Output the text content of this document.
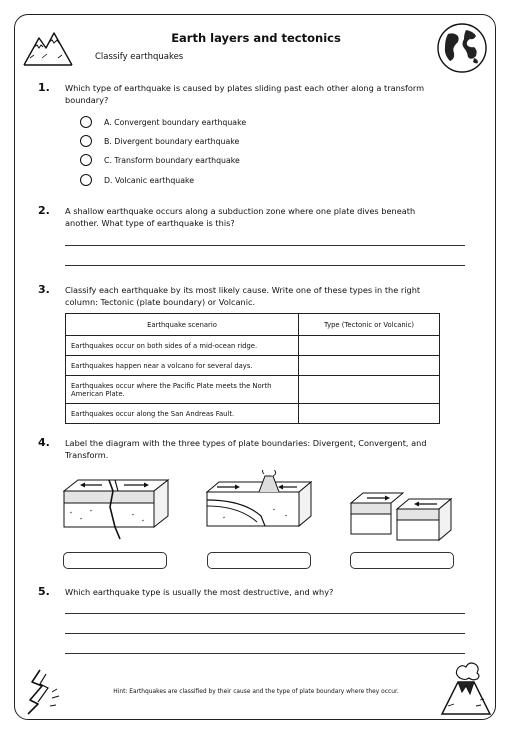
Earth layers and tectonics
Classify earthquakes
1. Which type of earthquake is caused by plates sliding past each other along a transform boundary?
A. Convergent boundary earthquake
B. Divergent boundary earthquake
C. Transform boundary earthquake
D. Volcanic earthquake
2. A shallow earthquake occurs along a subduction zone where one plate dives beneath another. What type of earthquake is this?
3. Classify each earthquake by its most likely cause. Write one of these types in the right column: Tectonic (plate boundary) or Volcanic.
Earthquake scenario	Type (Tectonic or Volcanic)
Earthquakes occur on both sides of a mid-ocean ridge.	
Earthquakes happen near a volcano for several days.	
Earthquakes occur where the Pacific Plate meets the North American Plate.	
Earthquakes occur along the San Andreas Fault.	
4. Label the diagram with the three types of plate boundaries: Divergent, Convergent, and Transform.
5. Which earthquake type is usually the most destructive, and why?
Hint: Earthquakes are classified by their cause and the type of plate boundary where they occur.
